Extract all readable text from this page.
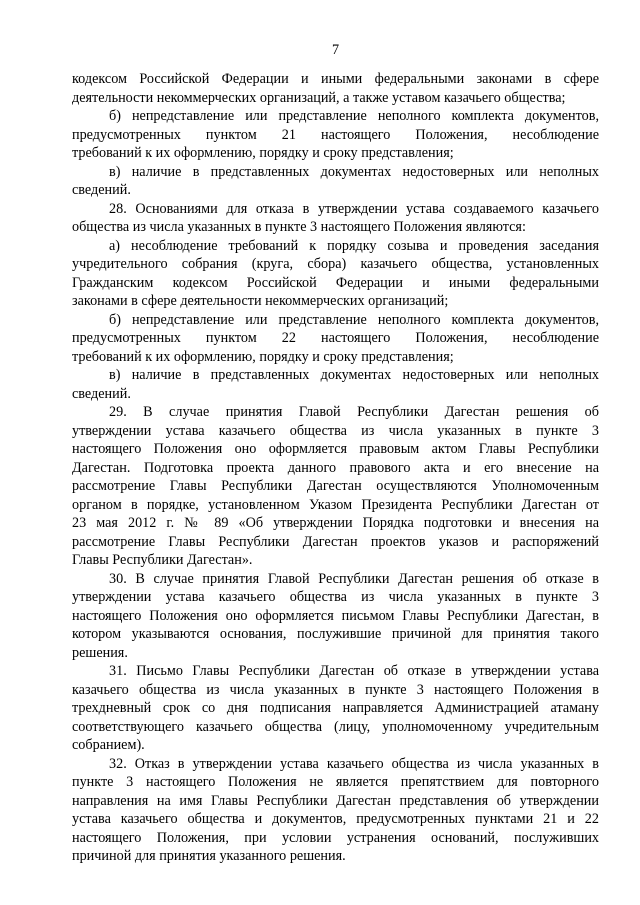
7
кодексом Российской Федерации и иными федеральными законами в сфере
деятельности некоммерческих организаций, а также уставом казачьего общества;
б) непредставление или представление неполного комплекта документов,
предусмотренных пунктом 21 настоящего Положения, несоблюдение
требований к их оформлению, порядку и сроку представления;
в) наличие в представленных документах недостоверных или неполных
сведений.
28. Основаниями для отказа в утверждении устава создаваемого казачьего
общества из числа указанных в пункте 3 настоящего Положения являются:
а) несоблюдение требований к порядку созыва и проведения заседания
учредительного собрания (круга, сбора) казачьего общества, установленных
Гражданским кодексом Российской Федерации и иными федеральными
законами в сфере деятельности некоммерческих организаций;
б) непредставление или представление неполного комплекта документов,
предусмотренных пунктом 22 настоящего Положения, несоблюдение
требований к их оформлению, порядку и сроку представления;
в) наличие в представленных документах недостоверных или неполных
сведений.
29. В случае принятия Главой Республики Дагестан решения об
утверждении устава казачьего общества из числа указанных в пункте 3
настоящего Положения оно оформляется правовым актом Главы Республики
Дагестан. Подготовка проекта данного правового акта и его внесение на
рассмотрение Главы Республики Дагестан осуществляются Уполномоченным
органом в порядке, установленном Указом Президента Республики Дагестан от
23 мая 2012 г. № 89 «Об утверждении Порядка подготовки и внесения на
рассмотрение Главы Республики Дагестан проектов указов и распоряжений
Главы Республики Дагестан».
30. В случае принятия Главой Республики Дагестан решения об отказе в
утверждении устава казачьего общества из числа указанных в пункте 3
настоящего Положения оно оформляется письмом Главы Республики Дагестан, в
котором указываются основания, послужившие причиной для принятия такого
решения.
31. Письмо Главы Республики Дагестан об отказе в утверждении устава
казачьего общества из числа указанных в пункте 3 настоящего Положения в
трехдневный срок со дня подписания направляется Администрацией атаману
соответствующего казачьего общества (лицу, уполномоченному учредительным
собранием).
32. Отказ в утверждении устава казачьего общества из числа указанных в
пункте 3 настоящего Положения не является препятствием для повторного
направления на имя Главы Республики Дагестан представления об утверждении
устава казачьего общества и документов, предусмотренных пунктами 21 и 22
настоящего Положения, при условии устранения оснований, послуживших
причиной для принятия указанного решения.
